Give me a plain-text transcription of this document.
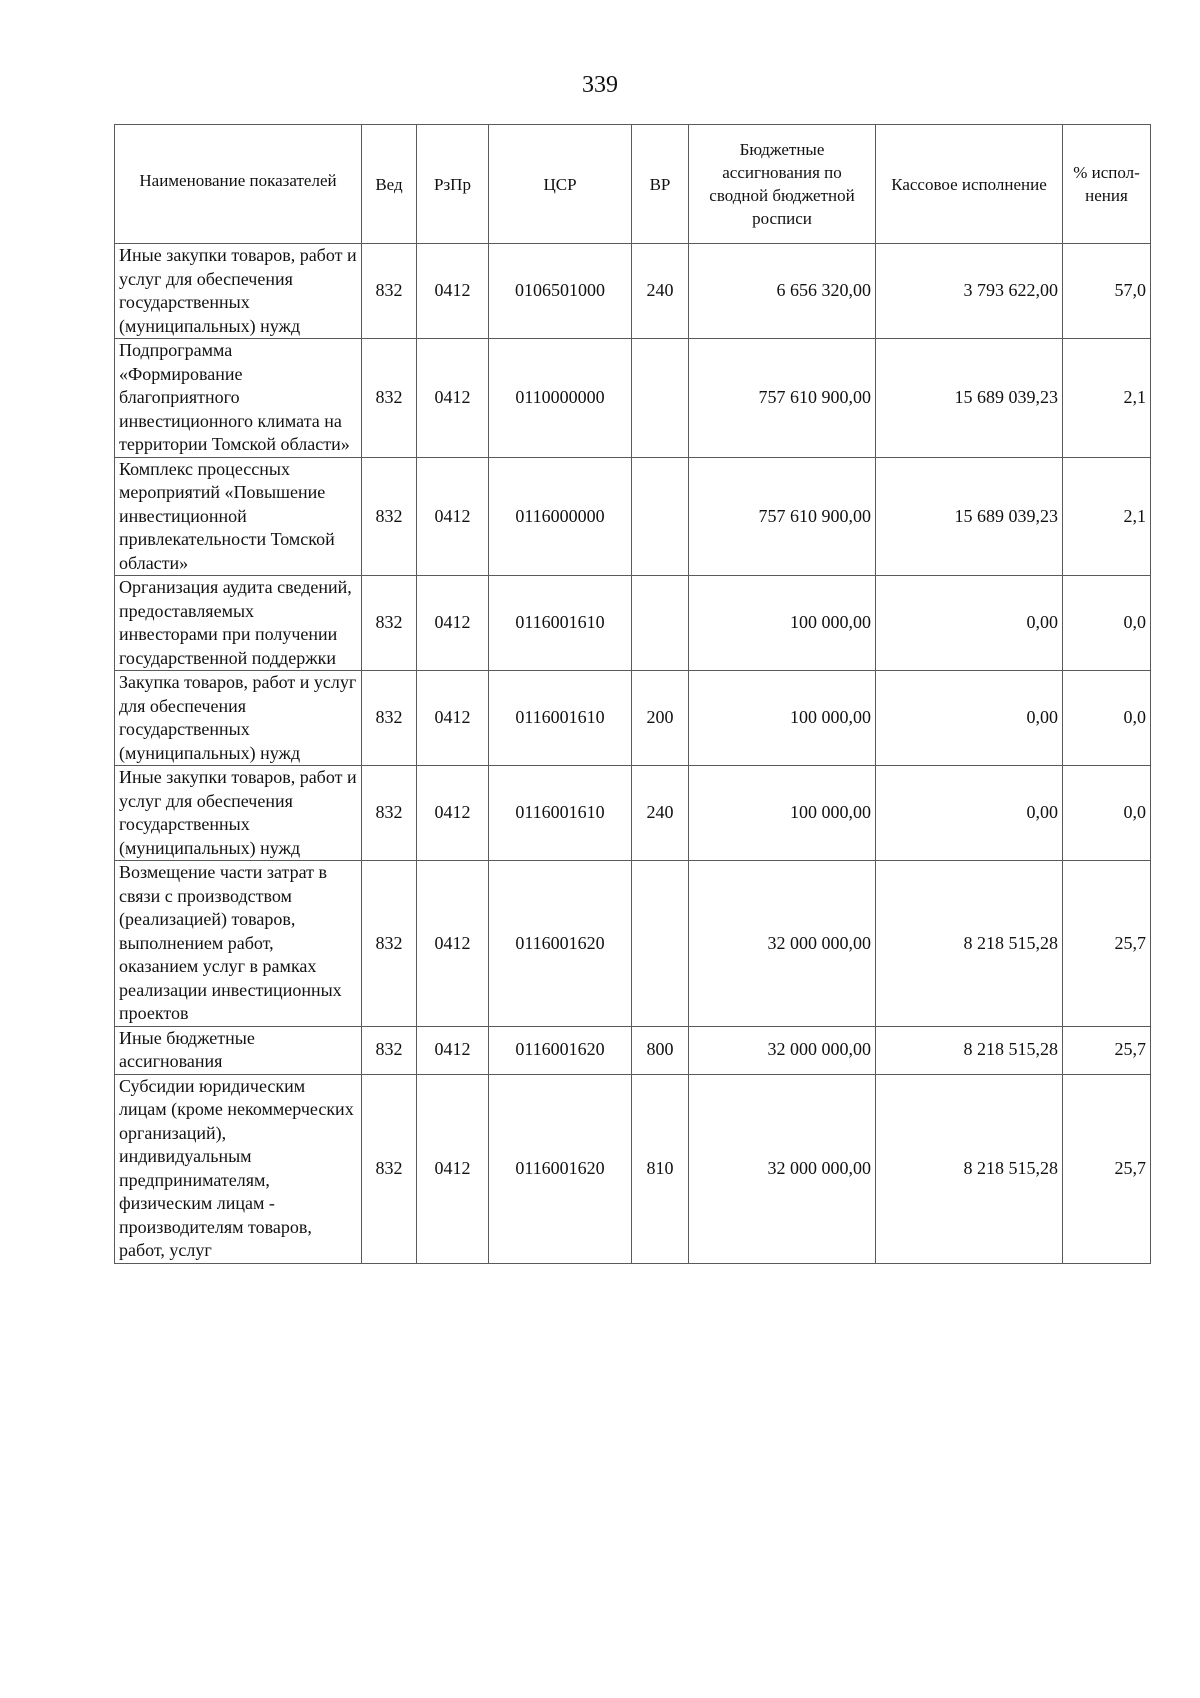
339
Наименование показателей	Вед	РзПр	ЦСР	ВР	Бюджетные ассигнования по сводной бюджетной росписи	Кассовое исполнение	% испол-нения
Иные закупки товаров, работ и услуг для обеспечения государственных (муниципальных) нужд	832	0412	0106501000	240	6 656 320,00	3 793 622,00	57,0
Подпрограмма «Формирование благоприятного инвестиционного климата на территории Томской области»	832	0412	0110000000		757 610 900,00	15 689 039,23	2,1
Комплекс процессных мероприятий «Повышение инвестиционной привлекательности Томской области»	832	0412	0116000000		757 610 900,00	15 689 039,23	2,1
Организация аудита сведений, предоставляемых инвесторами при получении государственной поддержки	832	0412	0116001610		100 000,00	0,00	0,0
Закупка товаров, работ и услуг для обеспечения государственных (муниципальных) нужд	832	0412	0116001610	200	100 000,00	0,00	0,0
Иные закупки товаров, работ и услуг для обеспечения государственных (муниципальных) нужд	832	0412	0116001610	240	100 000,00	0,00	0,0
Возмещение части затрат в связи с производством (реализацией) товаров, выполнением работ, оказанием услуг в рамках реализации инвестиционных проектов	832	0412	0116001620		32 000 000,00	8 218 515,28	25,7
Иные бюджетные ассигнования	832	0412	0116001620	800	32 000 000,00	8 218 515,28	25,7
Субсидии юридическим лицам (кроме некоммерческих организаций), индивидуальным предпринимателям, физическим лицам - производителям товаров, работ, услуг	832	0412	0116001620	810	32 000 000,00	8 218 515,28	25,7
